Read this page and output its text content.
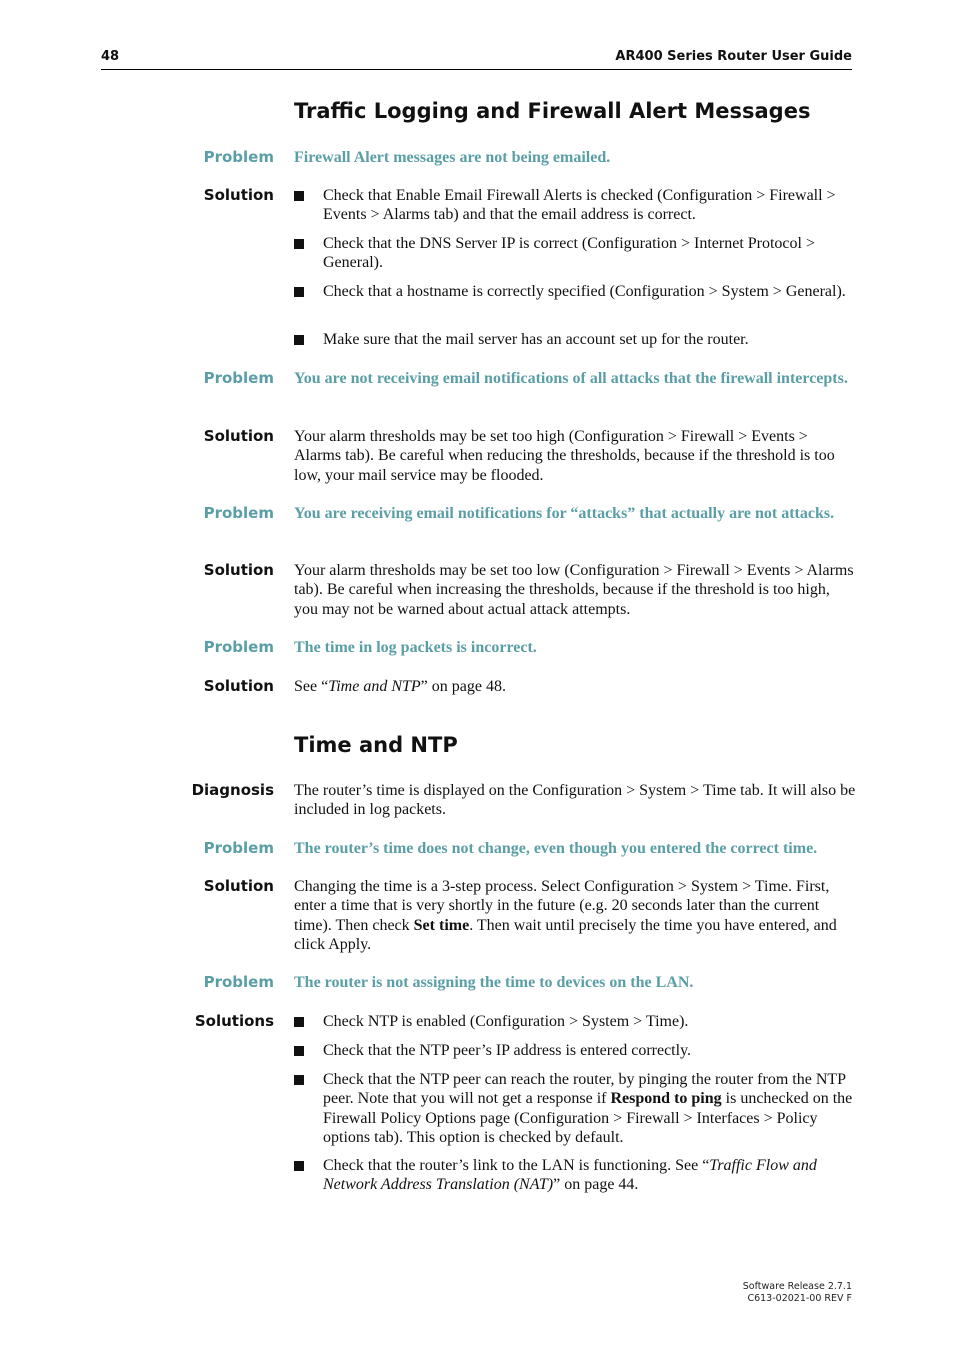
48	AR400 Series Router User Guide
Traffic Logging and Firewall Alert Messages
Problem Firewall Alert messages are not being emailed.
Solution	Check that Enable Email Firewall Alerts is checked (Configuration > Firewall > Events > Alarms tab) and that the email address is correct.
Check that the DNS Server IP is correct (Configuration > Internet Protocol > General).
Check that a hostname is correctly specified (Configuration > System > General).
Make sure that the mail server has an account set up for the router.
Problem You are not receiving email notifications of all attacks that the firewall intercepts.
Solution Your alarm thresholds may be set too high (Configuration > Firewall > Events > Alarms tab). Be careful when reducing the thresholds, because if the threshold is too low, your mail service may be flooded.
Problem You are receiving email notifications for “attacks” that actually are not attacks.
Solution Your alarm thresholds may be set too low (Configuration > Firewall > Events > Alarms tab). Be careful when increasing the thresholds, because if the threshold is too high, you may not be warned about actual attack attempts.
Problem The time in log packets is incorrect.
Solution See “Time and NTP” on page 48.
Time and NTP
Diagnosis The router’s time is displayed on the Configuration > System > Time tab. It will also be included in log packets.
Problem The router’s time does not change, even though you entered the correct time.
Solution Changing the time is a 3-step process. Select Configuration > System > Time. First, enter a time that is very shortly in the future (e.g. 20 seconds later than the current time). Then check Set time. Then wait until precisely the time you have entered, and click Apply.
Problem The router is not assigning the time to devices on the LAN.
Solutions	Check NTP is enabled (Configuration > System > Time).
Check that the NTP peer’s IP address is entered correctly.
Check that the NTP peer can reach the router, by pinging the router from the NTP peer. Note that you will not get a response if Respond to ping is unchecked on the Firewall Policy Options page (Configuration > Firewall > Interfaces > Policy options tab). This option is checked by default.
Check that the router’s link to the LAN is functioning. See “Traffic Flow and Network Address Translation (NAT)” on page 44.
Software Release 2.7.1
C613-02021-00 REV F
